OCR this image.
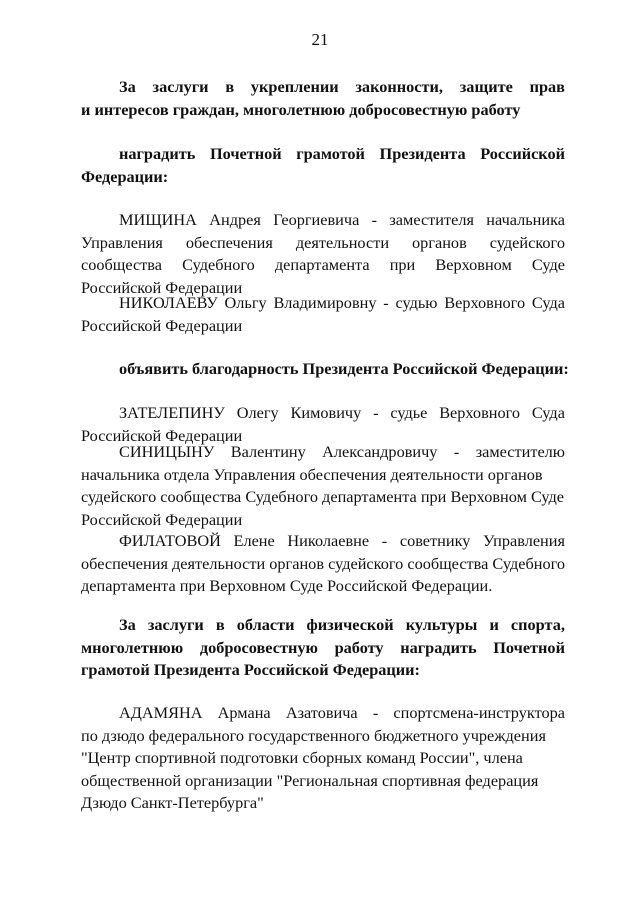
21
За заслуги в укреплении законности, защите прав
и интересов граждан, многолетнюю добросовестную работу
наградить Почетной грамотой Президента Российской
Федерации:
МИЩИНА Андрея Георгиевича - заместителя начальника
Управления обеспечения деятельности органов судейского
сообщества Судебного департамента при Верховном Суде
Российской Федерации
НИКОЛАЕВУ Ольгу Владимировну - судью Верховного Суда
Российской Федерации
объявить благодарность Президента Российской Федерации:
ЗАТЕЛЕПИНУ Олегу Кимовичу - судье Верховного Суда
Российской Федерации
СИНИЦЫНУ Валентину Александровичу - заместителю
начальника отдела Управления обеспечения деятельности органов
судейского сообщества Судебного департамента при Верховном Суде
Российской Федерации
ФИЛАТОВОЙ Елене Николаевне - советнику Управления
обеспечения деятельности органов судейского сообщества Судебного
департамента при Верховном Суде Российской Федерации.
За заслуги в области физической культуры и спорта,
многолетнюю добросовестную работу наградить Почетной
грамотой Президента Российской Федерации:
АДАМЯНА Армана Азатовича - спортсмена-инструктора
по дзюдо федерального государственного бюджетного учреждения
"Центр спортивной подготовки сборных команд России", члена
общественной организации "Региональная спортивная федерация
Дзюдо Санкт-Петербурга"
